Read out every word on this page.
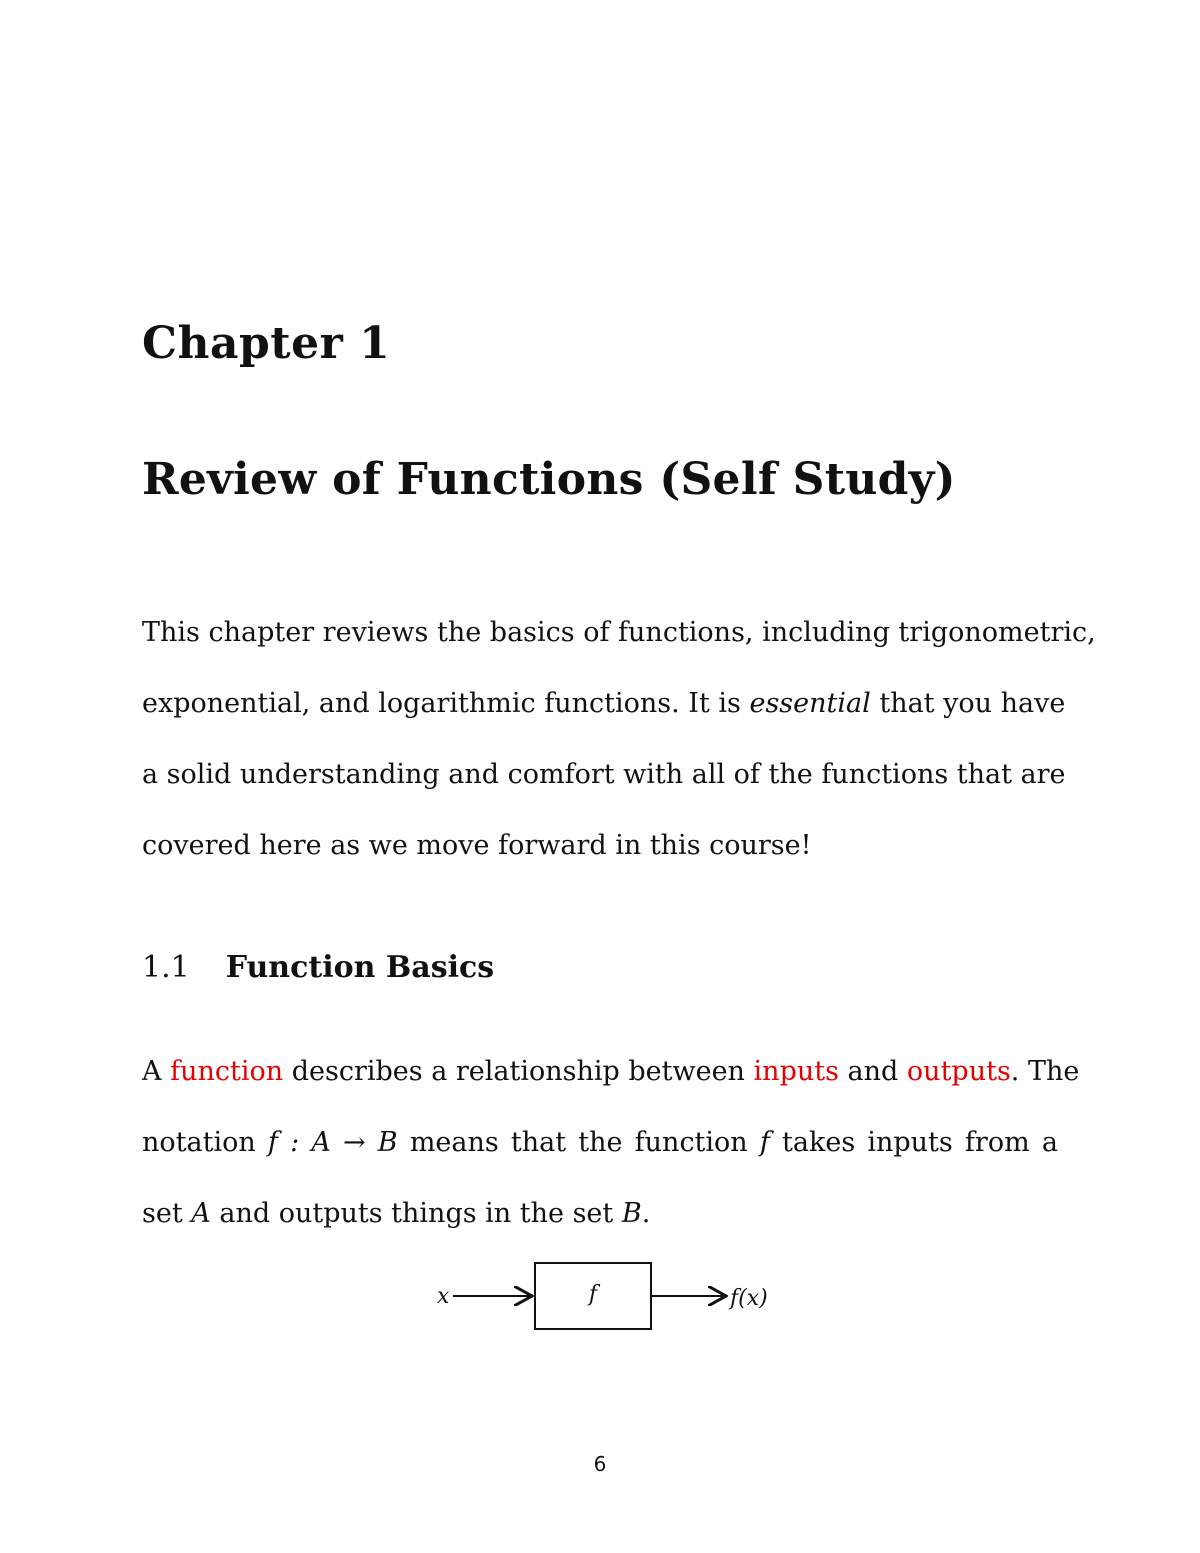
Chapter 1
Review of Functions (Self Study)
This chapter reviews the basics of functions, including trigonometric,
exponential, and logarithmic functions. It is essential that you have
a solid understanding and comfort with all of the functions that are
covered here as we move forward in this course!
1.1 Function Basics
A function describes a relationship between inputs and outputs. The
notation f : A → B means that the function f takes inputs from a
set A and outputs things in the set B.
x	f	f(x)
6
